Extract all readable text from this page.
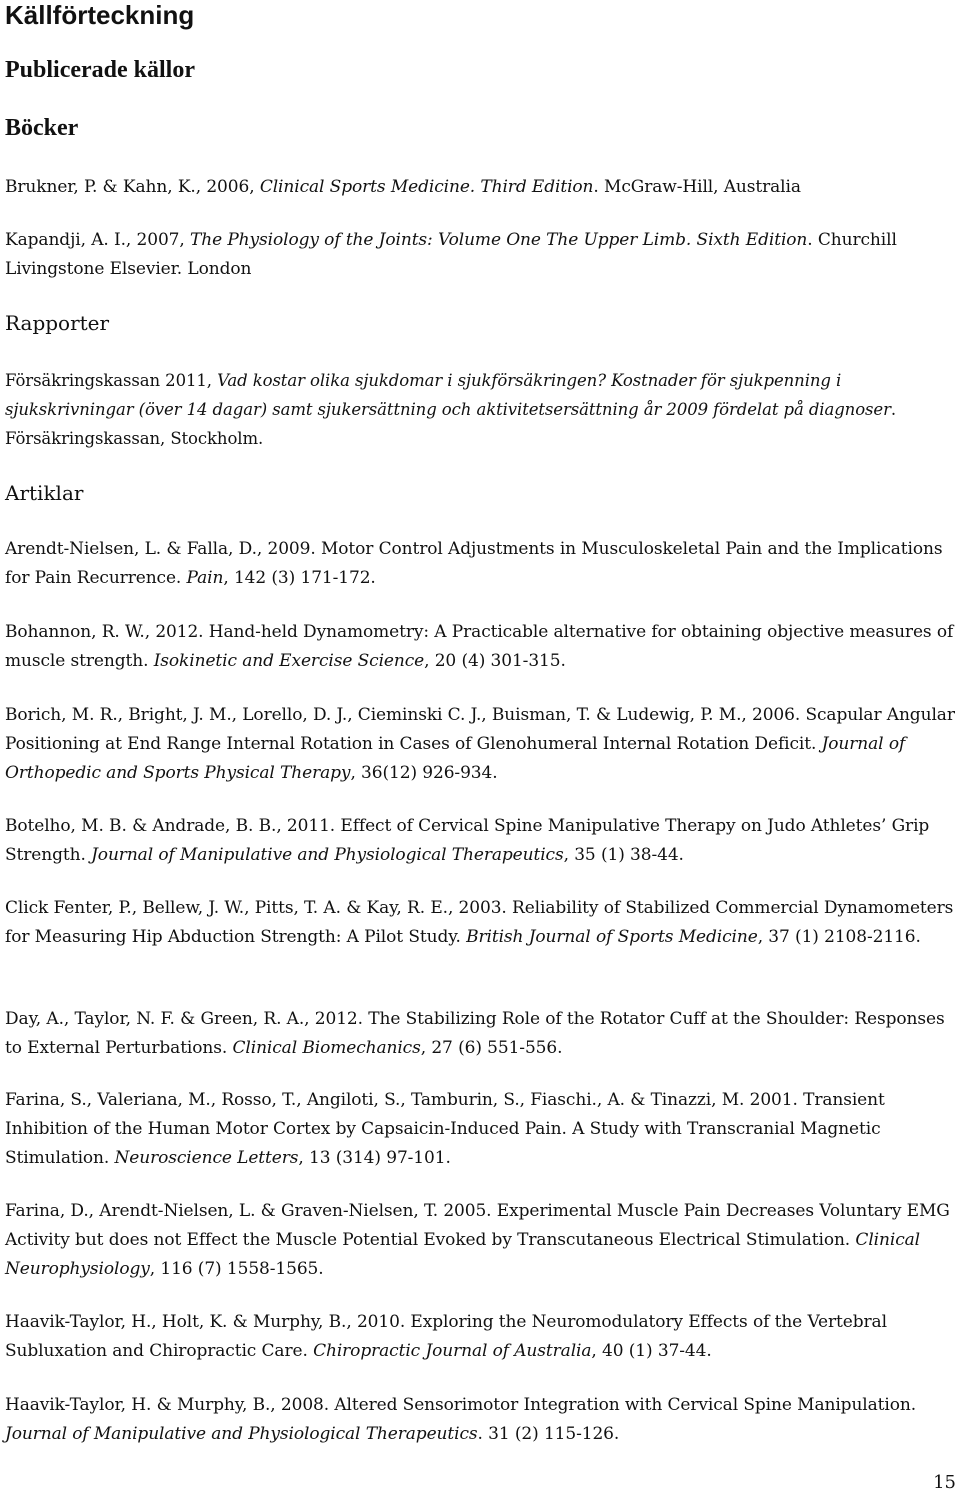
Källförteckning
Publicerade källor
Böcker
Brukner, P. & Kahn, K., 2006, Clinical Sports Medicine. Third Edition. McGraw-Hill, Australia
Kapandji, A. I., 2007, The Physiology of the Joints: Volume One The Upper Limb. Sixth Edition. Churchill Livingstone Elsevier. London
Rapporter
Försäkringskassan 2011, Vad kostar olika sjukdomar i sjukförsäkringen? Kostnader för sjukpenning i sjukskrivningar (över 14 dagar) samt sjukersättning och aktivitetsersättning år 2009 fördelat på diagnoser. Försäkringskassan, Stockholm.
Artiklar
Arendt-Nielsen, L. & Falla, D., 2009. Motor Control Adjustments in Musculoskeletal Pain and the Implications for Pain Recurrence. Pain, 142 (3) 171-172.
Bohannon, R. W., 2012. Hand-held Dynamometry: A Practicable alternative for obtaining objective measures of muscle strength. Isokinetic and Exercise Science, 20 (4) 301-315.
Borich, M. R., Bright, J. M., Lorello, D. J., Cieminski C. J., Buisman, T. & Ludewig, P. M., 2006. Scapular Angular Positioning at End Range Internal Rotation in Cases of Glenohumeral Internal Rotation Deficit. Journal of Orthopedic and Sports Physical Therapy, 36(12) 926-934.
Botelho, M. B. & Andrade, B. B., 2011. Effect of Cervical Spine Manipulative Therapy on Judo Athletes’ Grip Strength. Journal of Manipulative and Physiological Therapeutics, 35 (1) 38-44.
Click Fenter, P., Bellew, J. W., Pitts, T. A. & Kay, R. E., 2003. Reliability of Stabilized Commercial Dynamometers for Measuring Hip Abduction Strength: A Pilot Study. British Journal of Sports Medicine, 37 (1) 2108-2116.
Day, A., Taylor, N. F. & Green, R. A., 2012. The Stabilizing Role of the Rotator Cuff at the Shoulder: Responses to External Perturbations. Clinical Biomechanics, 27 (6) 551-556.
Farina, S., Valeriana, M., Rosso, T., Angiloti, S., Tamburin, S., Fiaschi., A. & Tinazzi, M. 2001. Transient Inhibition of the Human Motor Cortex by Capsaicin-Induced Pain. A Study with Transcranial Magnetic Stimulation. Neuroscience Letters, 13 (314) 97-101.
Farina, D., Arendt-Nielsen, L. & Graven-Nielsen, T. 2005. Experimental Muscle Pain Decreases Voluntary EMG Activity but does not Effect the Muscle Potential Evoked by Transcutaneous Electrical Stimulation. Clinical Neurophysiology, 116 (7) 1558-1565.
Haavik-Taylor, H., Holt, K. & Murphy, B., 2010. Exploring the Neuromodulatory Effects of the Vertebral Subluxation and Chiropractic Care. Chiropractic Journal of Australia, 40 (1) 37-44.
Haavik-Taylor, H. & Murphy, B., 2008. Altered Sensorimotor Integration with Cervical Spine Manipulation. Journal of Manipulative and Physiological Therapeutics. 31 (2) 115-126.
15
